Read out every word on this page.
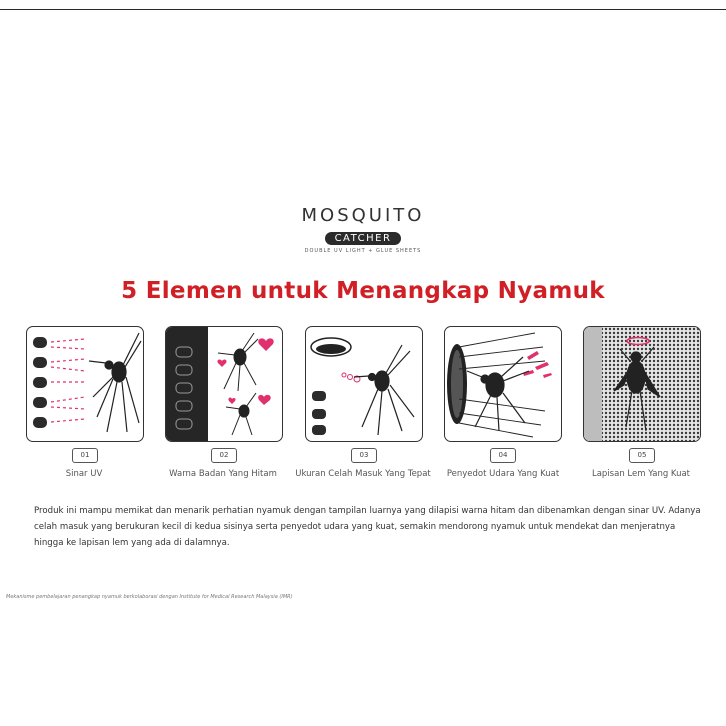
MOSQUITO
CATCHER
DOUBLE UV LIGHT + GLUE SHEETS
5 Elemen untuk Menangkap Nyamuk
01	02	03	04	05
Sinar UV	Warna Badan Yang Hitam	Ukuran Celah Masuk Yang Tepat	Penyedot Udara Yang Kuat	Lapisan Lem Yang Kuat
Produk ini mampu memikat dan menarik perhatian nyamuk dengan tampilan luarnya yang dilapisi warna hitam dan dibenamkan dengan sinar UV. Adanya celah masuk yang berukuran kecil di kedua sisinya serta penyedot udara yang kuat, semakin mendorong nyamuk untuk mendekat dan menjeratnya hingga ke lapisan lem yang ada di dalamnya.
Mekanisme pembelajaran penangkap nyamuk berkolaborasi dengan Institute for Medical Research Malaysia (IMR)
